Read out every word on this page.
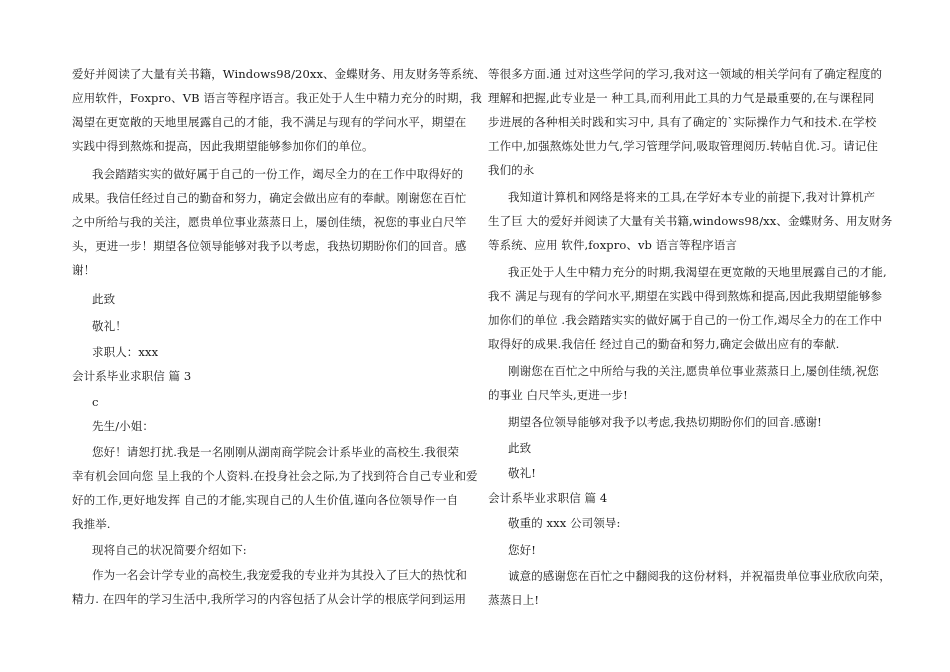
爱好并阅读了大量有关书籍，Windows98/20xx、金蝶财务、用友财务等系统、
应用软件，Foxpro、VB 语言等程序语言。我正处于人生中精力充分的时期，我
渴望在更宽敞的天地里展露自己的才能，我不满足与现有的学问水平，期望在
实践中得到熬炼和提高，因此我期望能够参加你们的单位。
我会踏踏实实的做好属于自己的一份工作，竭尽全力的在工作中取得好的
成果。我信任经过自己的勤奋和努力，确定会做出应有的奉献。刚谢您在百忙
之中所给与我的关注，愿贵单位事业蒸蒸日上，屡创佳绩，祝您的事业白尺竿
头，更进一步！期望各位领导能够对我予以考虑，我热切期盼你们的回音。感
谢！
此致
敬礼！
求职人：xxx
会计系毕业求职信 篇 3
c
先生/小姐：
您好！请恕打扰.我是一名刚刚从湖南商学院会计系毕业的高校生.我很荣
幸有机会回向您 呈上我的个人资料.在投身社会之际,为了找到符合自己专业和爱
好的工作,更好地发挥 自己的才能,实现自己的人生价值,谨向各位领导作一自
我推举.
现将自己的状况简要介绍如下:
作为一名会计学专业的高校生,我宠爱我的专业并为其投入了巨大的热忱和
精力. 在四年的学习生活中,我所学习的内容包括了从会计学的根底学问到运用
等很多方面.通 过对这些学问的学习,我对这一领域的相关学问有了确定程度的
理解和把握,此专业是一 种工具,而利用此工具的力气是最重要的,在与课程同
步进展的各种相关时践和实习中, 具有了确定的`实际操作力气和技术.在学校
工作中,加强熬炼处世力气,学习管理学问,吸取管理阅历.转帖自优.习。请记住
我们的永
我知道计算机和网络是将来的工具,在学好本专业的前提下,我对计算机产
生了巨 大的爱好并阅读了大量有关书籍,windows98/xx、金蝶财务、用友财务
等系统、应用 软件,foxpro、vb 语言等程序语言
我正处于人生中精力充分的时期,我渴望在更宽敞的天地里展露自己的才能,
我不 满足与现有的学问水平,期望在实践中得到熬炼和提高,因此我期望能够参
加你们的单位 .我会踏踏实实的做好属于自己的一份工作,竭尽全力的在工作中
取得好的成果.我信任 经过自己的勤奋和努力,确定会做出应有的奉献.
刚谢您在百忙之中所给与我的关注,愿贵单位事业蒸蒸日上,屡创佳绩,祝您
的事业 白尺竿头,更进一步!
期望各位领导能够对我予以考虑,我热切期盼你们的回音.感谢!
此致
敬礼!
会计系毕业求职信 篇 4
敬重的 xxx 公司领导:
您好!
诚意的感谢您在百忙之中翻阅我的这份材料，并祝福贵单位事业欣欣向荣，
蒸蒸日上!
